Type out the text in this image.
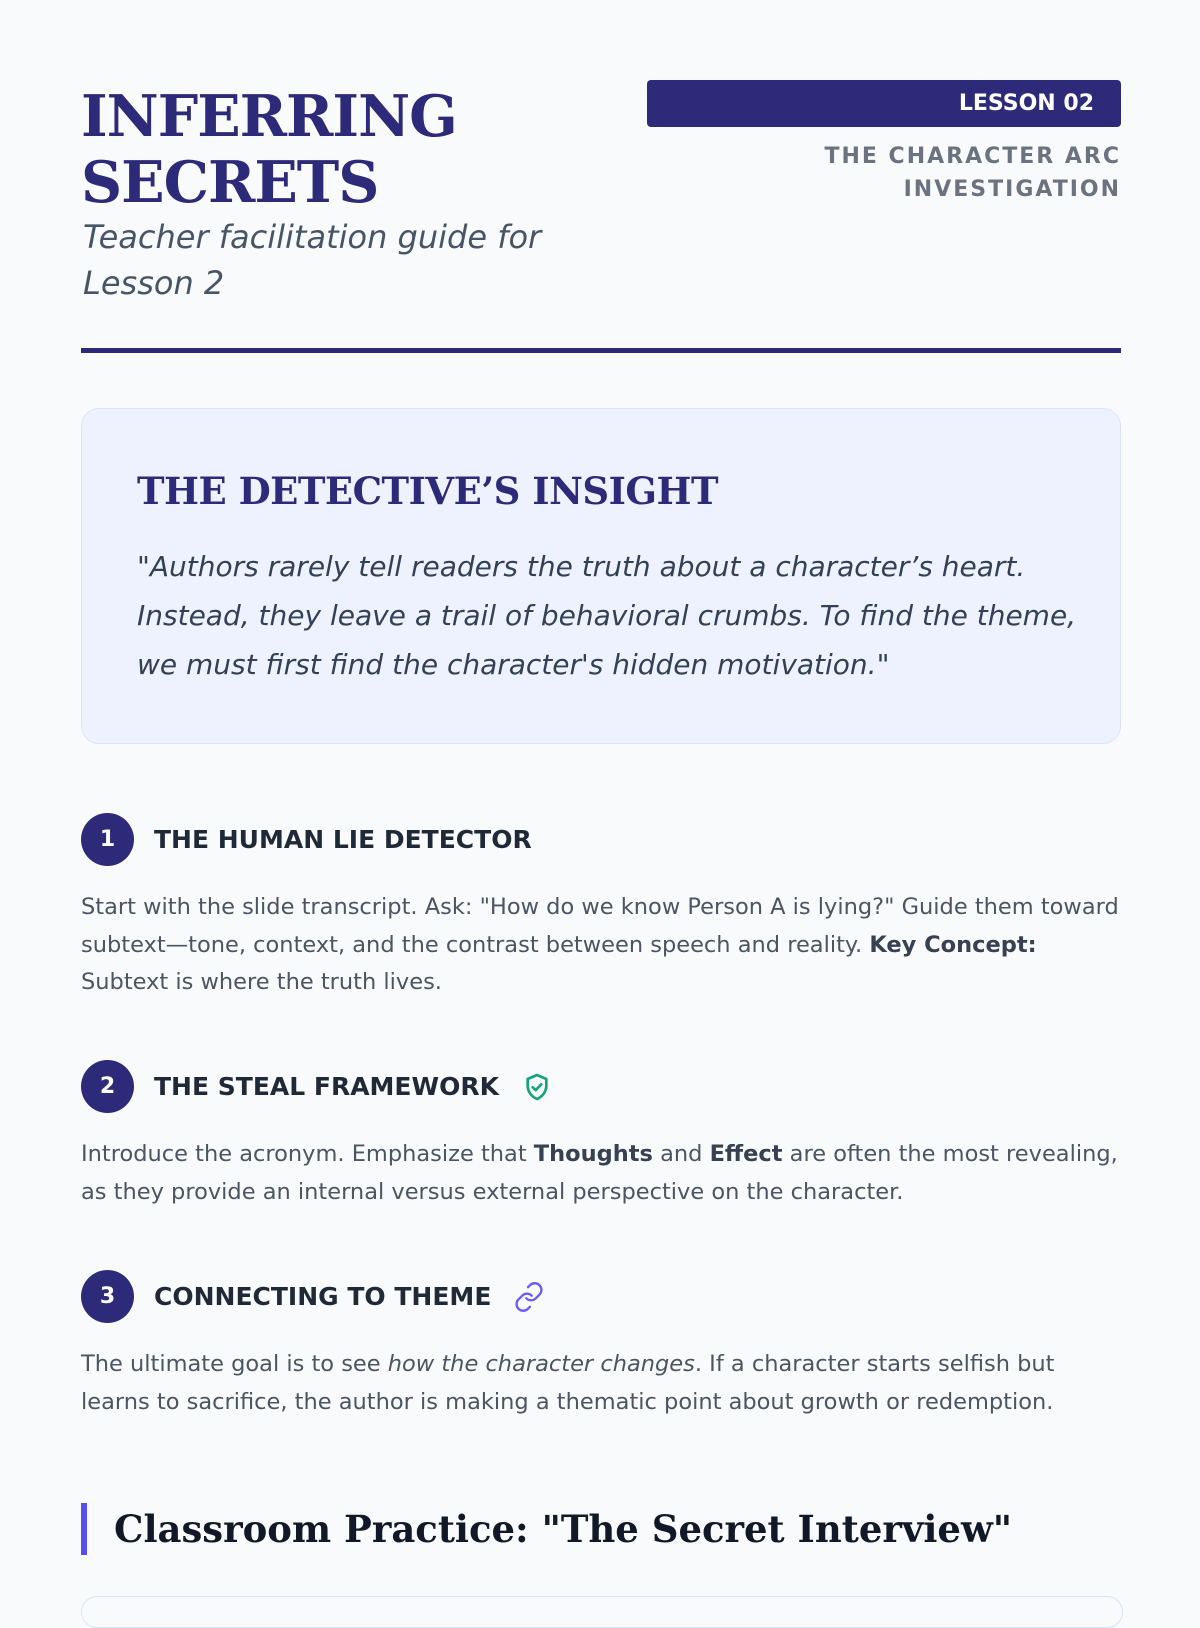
INFERRING
SECRETS
Teacher facilitation guide for Lesson 2
LESSON 02
THE CHARACTER ARC
INVESTIGATION
THE DETECTIVE’S INSIGHT
"Authors rarely tell readers the truth about a character’s heart. Instead, they leave a trail of behavioral crumbs. To find the theme, we must first find the character's hidden motivation."
1	THE HUMAN LIE DETECTOR
Start with the slide transcript. Ask: "How do we know Person A is lying?" Guide them toward subtext—tone, context, and the contrast between speech and reality. Key Concept: Subtext is where the truth lives.
2	THE STEAL FRAMEWORK
Introduce the acronym. Emphasize that Thoughts and Effect are often the most revealing, as they provide an internal versus external perspective on the character.
3	CONNECTING TO THEME
The ultimate goal is to see how the character changes. If a character starts selfish but learns to sacrifice, the author is making a thematic point about growth or redemption.
Classroom Practice: "The Secret Interview"
